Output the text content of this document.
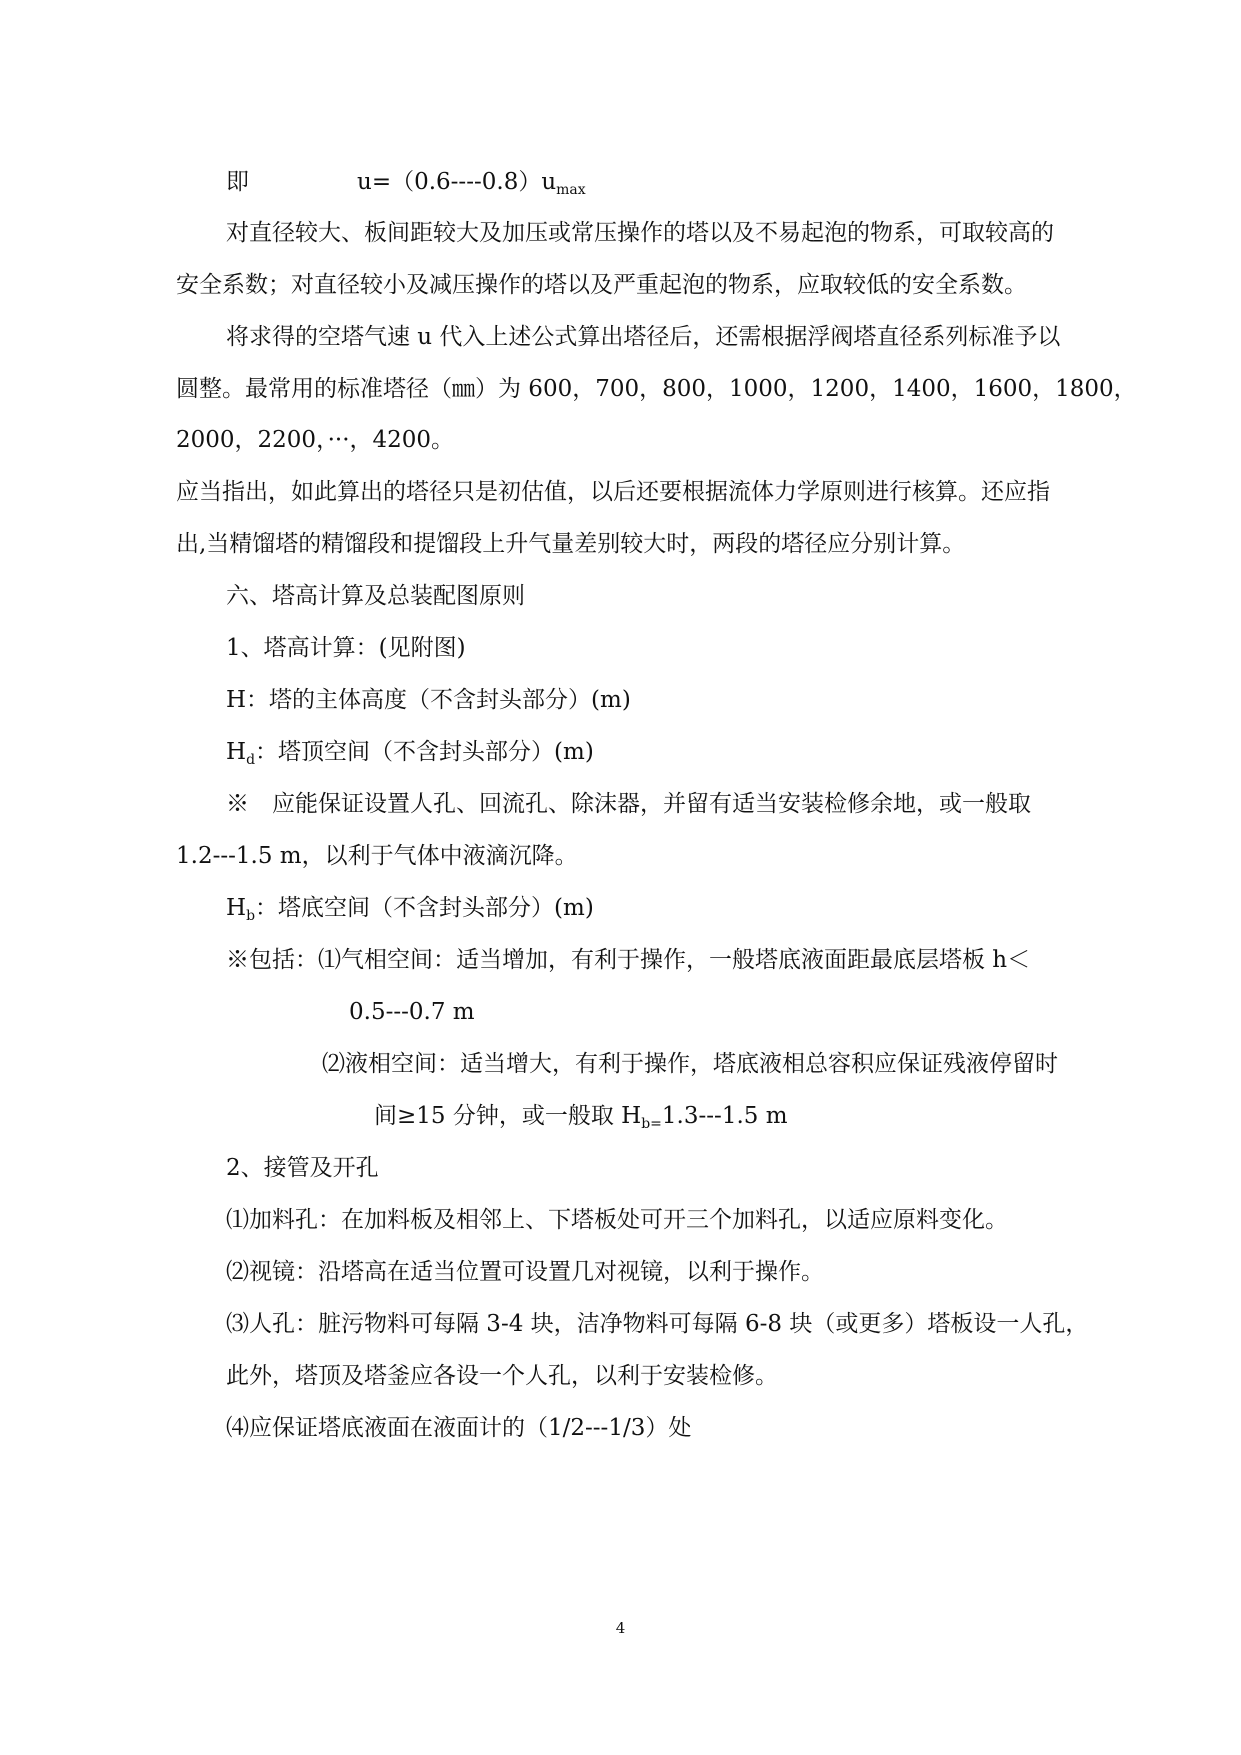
即	$u=(0.6----0.8)u_{max}$
对直径较大、板间距较大及加压或常压操作的塔以及不易起泡的物系，可取较高的
安全系数；对直径较小及减压操作的塔以及严重起泡的物系，应取较低的安全系数。
将求得的空塔气速 u 代入上述公式算出塔径后，还需根据浮阀塔直径系列标准予以
圆整。最常用的标准塔径（㎜）为 600，700，800，1000，1200，1400，1600，1800，
2000，2200，···，4200。
应当指出，如此算出的塔径只是初估值，以后还要根据流体力学原则进行核算。还应指
出,当精馏塔的精馏段和提馏段上升气量差别较大时，两段的塔径应分别计算。
六、塔高计算及总装配图原则
1、塔高计算：(见附图)
H：塔的主体高度（不含封头部分）(m)
$H_d$：塔顶空间（不含封头部分）(m)
※　应能保证设置人孔、回流孔、除沫器，并留有适当安装检修余地，或一般取
1.2---1.5 m，以利于气体中液滴沉降。
$H_b$：塔底空间（不含封头部分）(m)
※包括：⑴气相空间：适当增加，有利于操作，一般塔底液面距最底层塔板 h＜
0.5---0.7 m
⑵液相空间：适当增大，有利于操作，塔底液相总容积应保证残液停留时
间≥15 分钟，或一般取 $H_{b=}1.3---1.5$ m
2、接管及开孔
⑴加料孔：在加料板及相邻上、下塔板处可开三个加料孔，以适应原料变化。
⑵视镜：沿塔高在适当位置可设置几对视镜，以利于操作。
⑶人孔：脏污物料可每隔 3-4 块，洁净物料可每隔 6-8 块（或更多）塔板设一人孔，
此外，塔顶及塔釜应各设一个人孔，以利于安装检修。
⑷应保证塔底液面在液面计的（1/2---1/3）处
4
